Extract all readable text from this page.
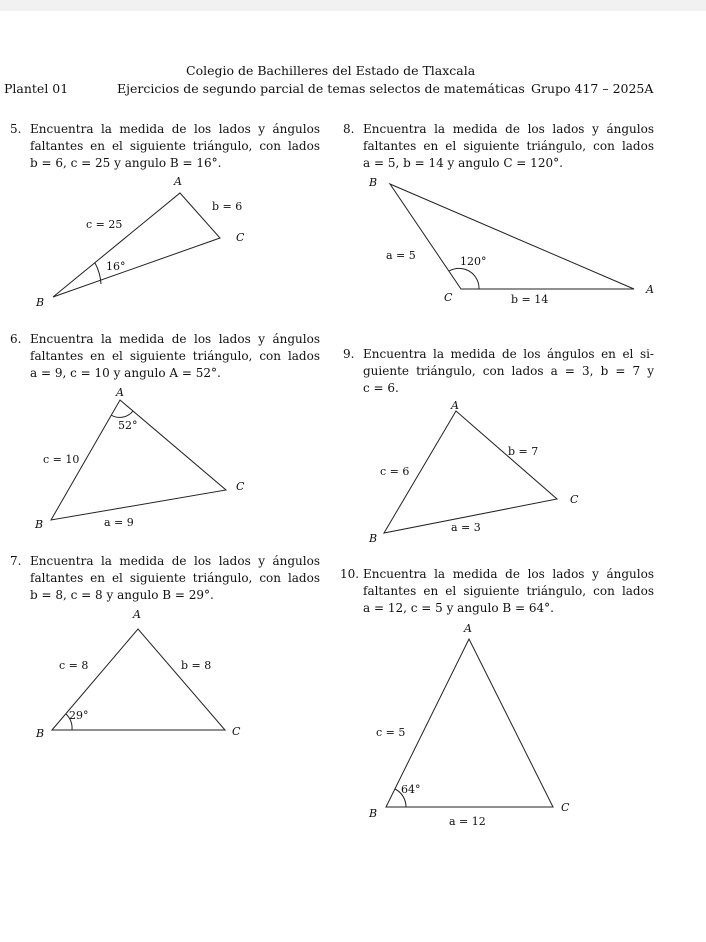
Colegio de Bachilleres del Estado de Tlaxcala
Plantel 01	Ejercicios de segundo parcial de temas selectos de matemáticas Grupo 417 – 2025A
5. Encuentra la medida de los lados y ángulos
faltantes en el siguiente triángulo, con lados
b = 6, c = 25 y angulo B = 16°.
A
B
C
c = 25
b = 6
16°
6. Encuentra la medida de los lados y ángulos
faltantes en el siguiente triángulo, con lados
a = 9, c = 10 y angulo A = 52°.
A
B
C
c = 10
a = 9
52°
7. Encuentra la medida de los lados y ángulos
faltantes en el siguiente triángulo, con lados
b = 8, c = 8 y angulo B = 29°.
A
B	C
c = 8	b = 8
29°
8. Encuentra la medida de los lados y ángulos
faltantes en el siguiente triángulo, con lados
a = 5, b = 14 y angulo C = 120°.
B
A
C
a = 5
b = 14
120°
9. Encuentra la medida de los ángulos en el si-
guiente triángulo, con lados a = 3, b = 7 y
c = 6.
A
B
C
c = 6
b = 7
a = 3
10. Encuentra la medida de los lados y ángulos
faltantes en el siguiente triángulo, con lados
a = 12, c = 5 y angulo B = 64°.
A
B	C
c = 5
a = 12
64°
